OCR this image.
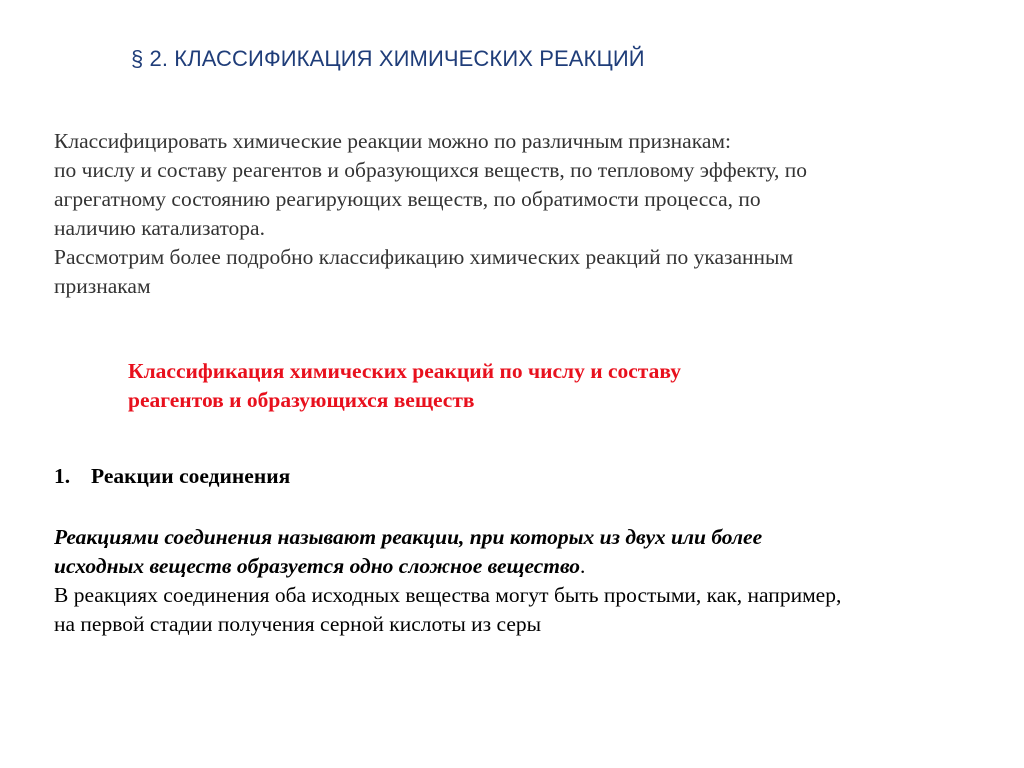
§ 2. КЛАССИФИКАЦИЯ ХИМИЧЕСКИХ РЕАКЦИЙ

Классифицировать химические реакции можно по различным признакам:

по числу и составу реагентов и образующихся веществ, по тепловому эффекту, по

агрегатному состоянию реагирующих веществ, по обратимости процесса, по

наличию катализатора.

Рассмотрим более подробно классификацию химических реакций по указанным

признакам

Классификация химических реакций по числу и составу

реагентов и образующихся веществ

1. Реакции соединения

Реакциями соединения называют реакции, при которых из двух или более

исходных веществ образуется одно сложное вещество.

В реакциях соединения оба исходных вещества могут быть простыми, как, например,

на первой стадии получения серной кислоты из серы
